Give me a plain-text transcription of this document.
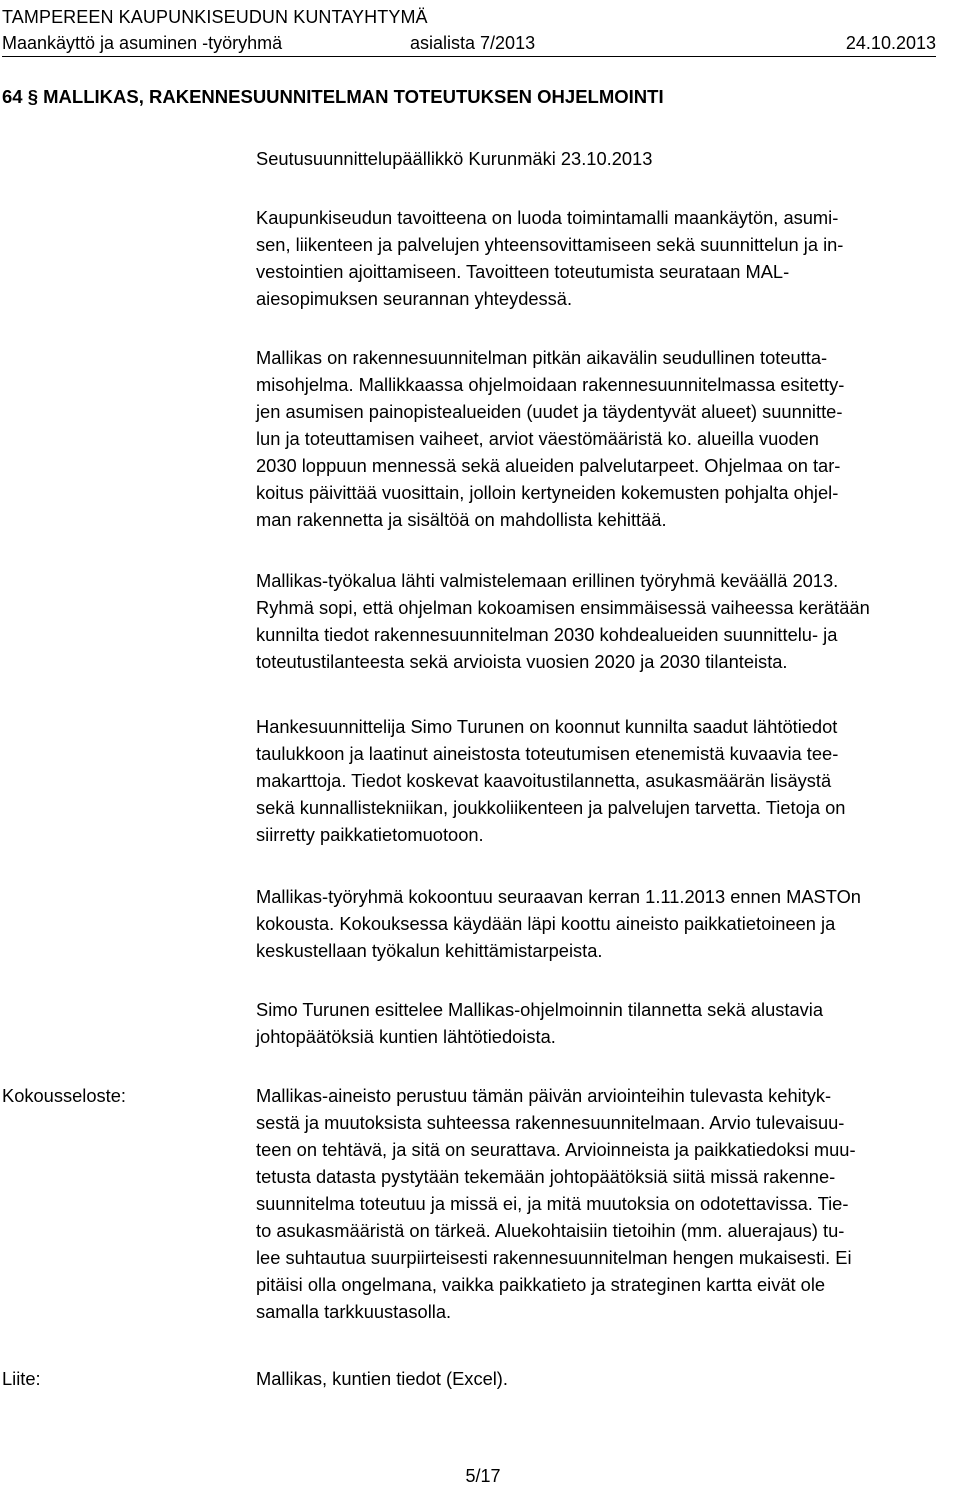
TAMPEREEN KAUPUNKISEUDUN KUNTAYHTYMÄ
Maankäyttö ja asuminen -työryhmä	asialista 7/2013	24.10.2013
64 § MALLIKAS, RAKENNESUUNNITELMAN TOTEUTUKSEN OHJELMOINTI
Seutusuunnittelupäällikkö Kurunmäki 23.10.2013
Kaupunkiseudun tavoitteena on luoda toimintamalli maankäytön, asumi-
sen, liikenteen ja palvelujen yhteensovittamiseen sekä suunnittelun ja in-
vestointien ajoittamiseen. Tavoitteen toteutumista seurataan MAL-
aiesopimuksen seurannan yhteydessä.
Mallikas on rakennesuunnitelman pitkän aikavälin seudullinen toteutta-
misohjelma. Mallikkaassa ohjelmoidaan rakennesuunnitelmassa esitetty-
jen asumisen painopistealueiden (uudet ja täydentyvät alueet) suunnitte-
lun ja toteuttamisen vaiheet, arviot väestömääristä ko. alueilla vuoden
2030 loppuun mennessä sekä alueiden palvelutarpeet. Ohjelmaa on tar-
koitus päivittää vuosittain, jolloin kertyneiden kokemusten pohjalta ohjel-
man rakennetta ja sisältöä on mahdollista kehittää.
Mallikas-työkalua lähti valmistelemaan erillinen työryhmä keväällä 2013.
Ryhmä sopi, että ohjelman kokoamisen ensimmäisessä vaiheessa kerätään
kunnilta tiedot rakennesuunnitelman 2030 kohdealueiden suunnittelu- ja
toteutustilanteesta sekä arvioista vuosien 2020 ja 2030 tilanteista.
Hankesuunnittelija Simo Turunen on koonnut kunnilta saadut lähtötiedot
taulukkoon ja laatinut aineistosta toteutumisen etenemistä kuvaavia tee-
makarttoja. Tiedot koskevat kaavoitustilannetta, asukasmäärän lisäystä
sekä kunnallistekniikan, joukkoliikenteen ja palvelujen tarvetta. Tietoja on
siirretty paikkatietomuotoon.
Mallikas-työryhmä kokoontuu seuraavan kerran 1.11.2013 ennen MASTOn
kokousta. Kokouksessa käydään läpi koottu aineisto paikkatietoineen ja
keskustellaan työkalun kehittämistarpeista.
Simo Turunen esittelee Mallikas-ohjelmoinnin tilannetta sekä alustavia
johtopäätöksiä kuntien lähtötiedoista.
Kokousseloste:	Mallikas-aineisto perustuu tämän päivän arviointeihin tulevasta kehityk-
sestä ja muutoksista suhteessa rakennesuunnitelmaan. Arvio tulevaisuu-
teen on tehtävä, ja sitä on seurattava. Arvioinneista ja paikkatiedoksi muu-
tetusta datasta pystytään tekemään johtopäätöksiä siitä missä rakenne-
suunnitelma toteutuu ja missä ei, ja mitä muutoksia on odotettavissa. Tie-
to asukasmääristä on tärkeä. Aluekohtaisiin tietoihin (mm. aluerajaus) tu-
lee suhtautua suurpiirteisesti rakennesuunnitelman hengen mukaisesti. Ei
pitäisi olla ongelmana, vaikka paikkatieto ja strateginen kartta eivät ole
samalla tarkkuustasolla.
Liite:	Mallikas, kuntien tiedot (Excel).
5/17
